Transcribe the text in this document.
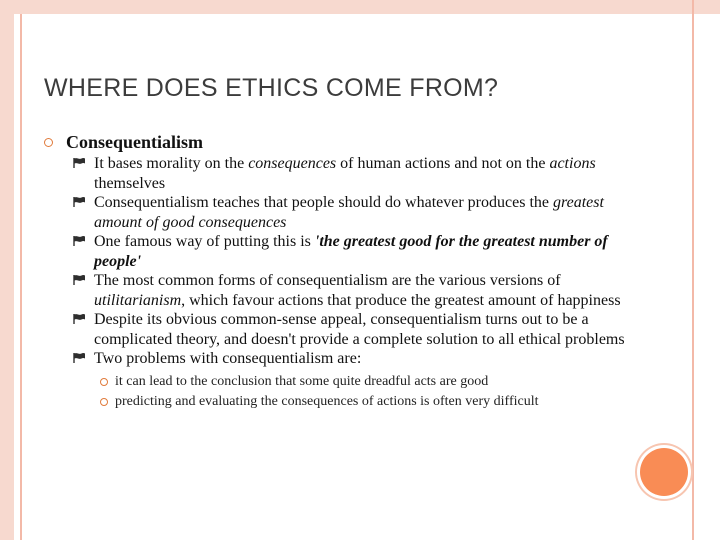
WHERE DOES ETHICS COME FROM?
Consequentialism
It bases morality on the consequences of human actions and not on the actions themselves
Consequentialism teaches that people should do whatever produces the greatest amount of good consequences
One famous way of putting this is 'the greatest good for the greatest number of people'
The most common forms of consequentialism are the various versions of utilitarianism, which favour actions that produce the greatest amount of happiness
Despite its obvious common-sense appeal, consequentialism turns out to be a complicated theory, and doesn't provide a complete solution to all ethical problems
Two problems with consequentialism are:
it can lead to the conclusion that some quite dreadful acts are good
predicting and evaluating the consequences of actions is often very difficult
